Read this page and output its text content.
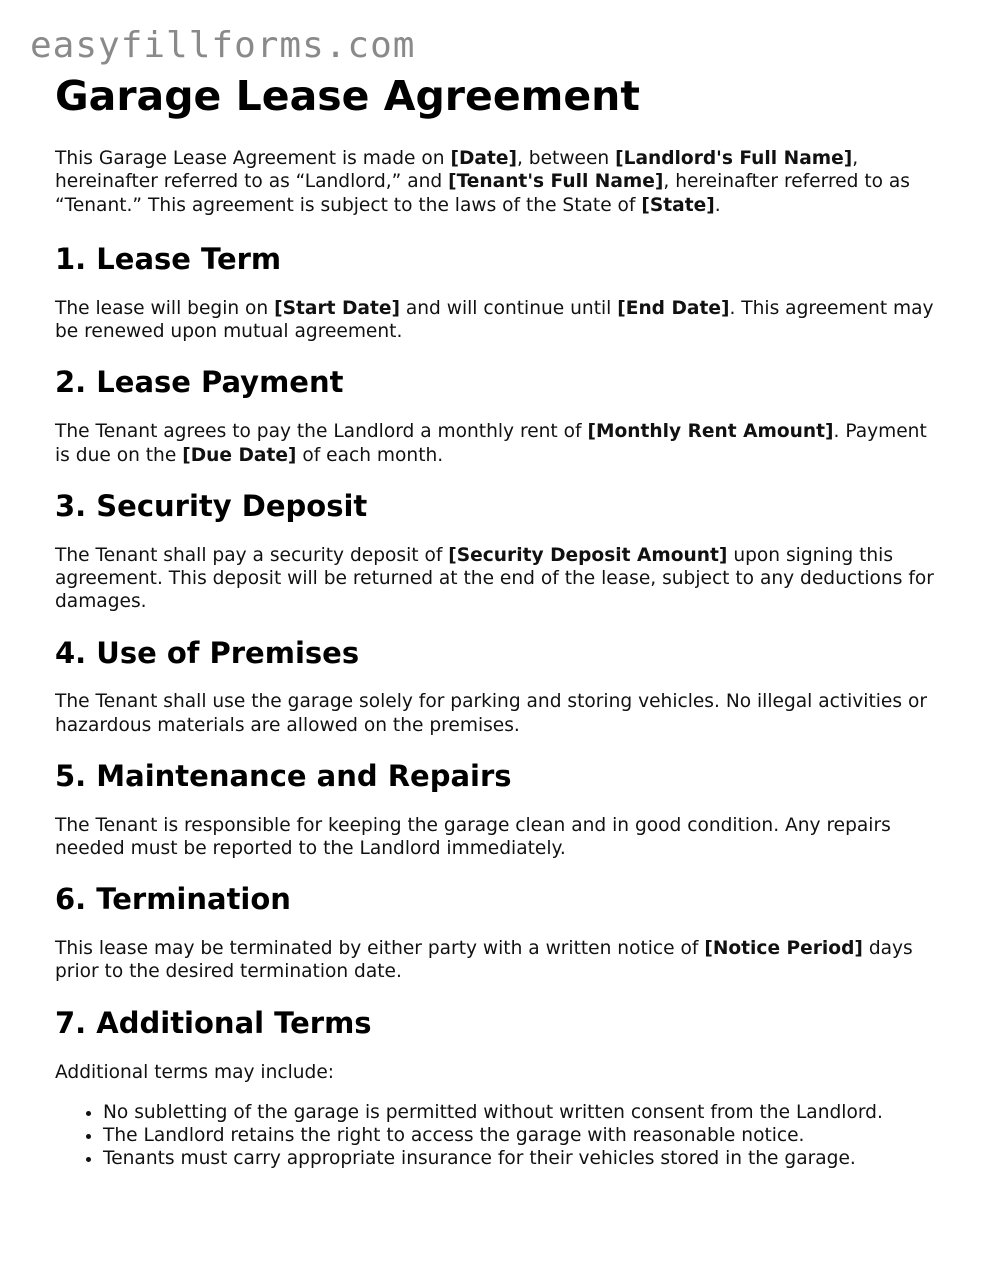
easyfillforms.com
Garage Lease Agreement

This Garage Lease Agreement is made on [Date], between [Landlord's Full Name], hereinafter referred to as “Landlord,” and [Tenant's Full Name], hereinafter referred to as “Tenant.” This agreement is subject to the laws of the State of [State].

1. Lease Term

The lease will begin on [Start Date] and will continue until [End Date]. This agreement may be renewed upon mutual agreement.

2. Lease Payment

The Tenant agrees to pay the Landlord a monthly rent of [Monthly Rent Amount]. Payment is due on the [Due Date] of each month.

3. Security Deposit

The Tenant shall pay a security deposit of [Security Deposit Amount] upon signing this agreement. This deposit will be returned at the end of the lease, subject to any deductions for damages.

4. Use of Premises

The Tenant shall use the garage solely for parking and storing vehicles. No illegal activities or hazardous materials are allowed on the premises.

5. Maintenance and Repairs

The Tenant is responsible for keeping the garage clean and in good condition. Any repairs needed must be reported to the Landlord immediately.

6. Termination

This lease may be terminated by either party with a written notice of [Notice Period] days prior to the desired termination date.

7. Additional Terms

Additional terms may include:

• No subletting of the garage is permitted without written consent from the Landlord.
• The Landlord retains the right to access the garage with reasonable notice.
• Tenants must carry appropriate insurance for their vehicles stored in the garage.
